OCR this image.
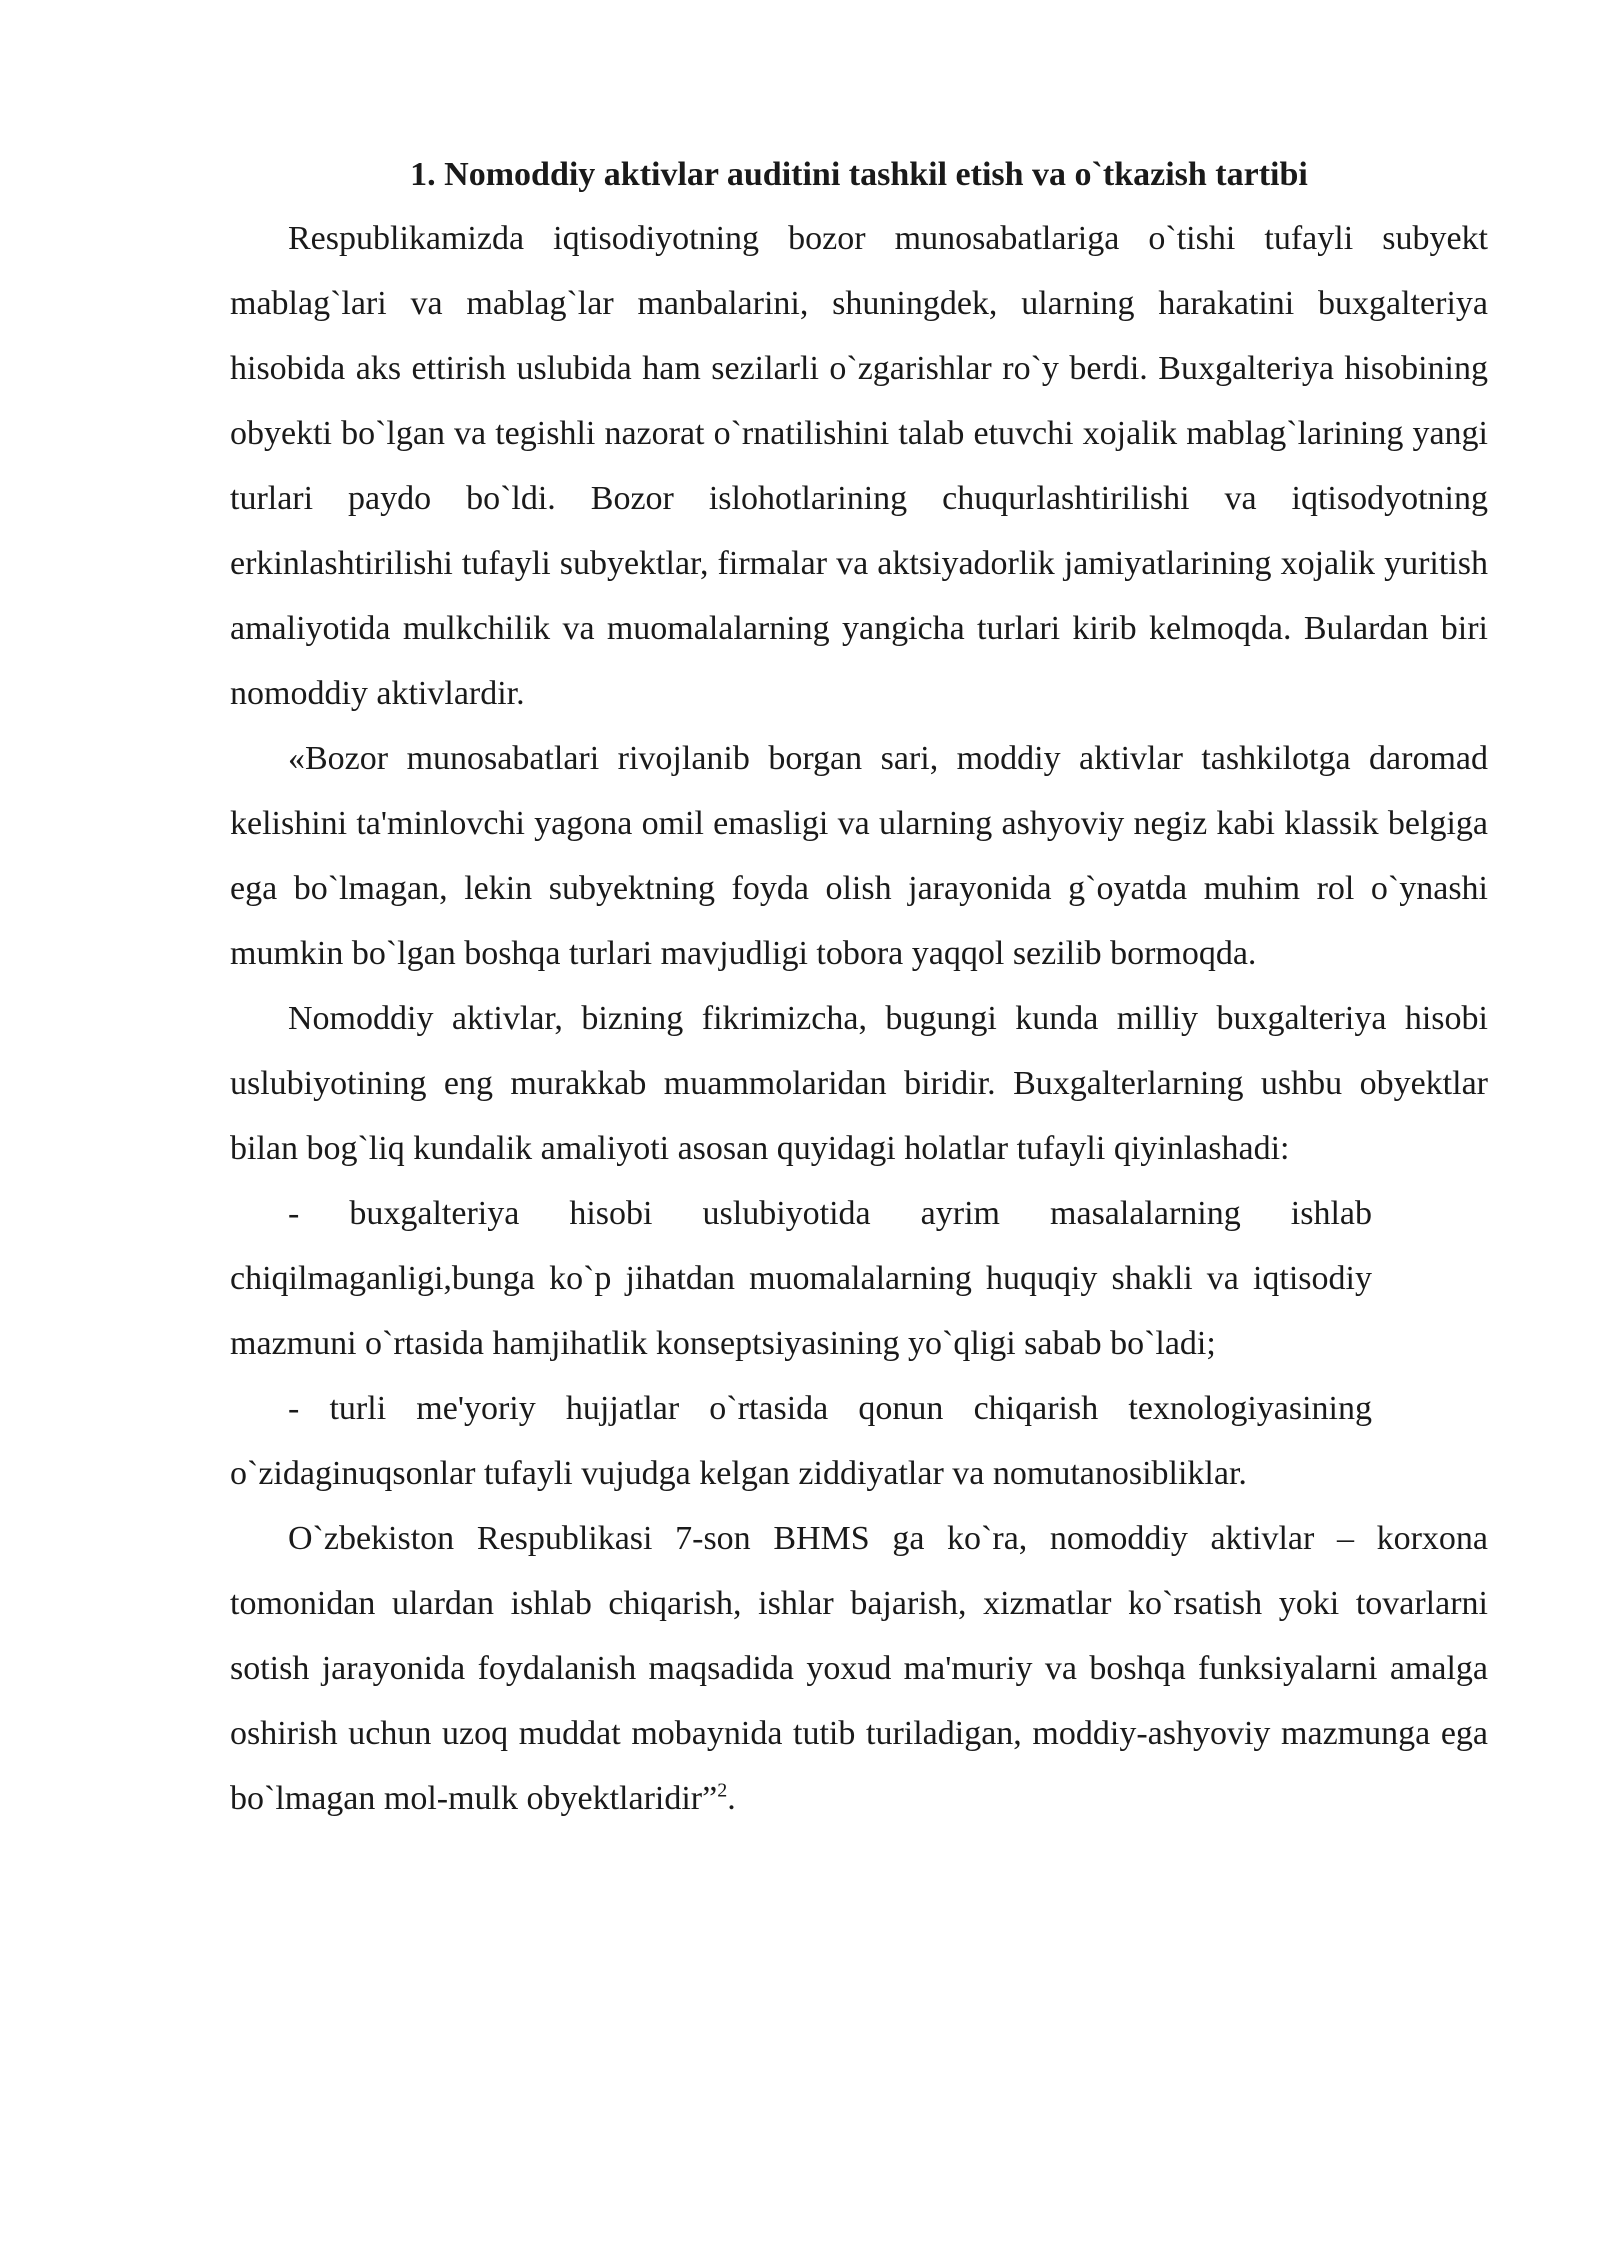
1. Nomoddiy aktivlar auditini tashkil etish va o`tkazish tartibi

Respublikamizda iqtisodiyotning bozor munosabatlariga o`tishi tufayli subyekt mablag`lari va mablag`lar manbalarini, shuningdek, ularning harakatini buxgalteriya hisobida aks ettirish uslubida ham sezilarli o`zgarishlar ro`y berdi. Buxgalteriya hisobining obyekti bo`lgan va tegishli nazorat o`rnatilishini talab etuvchi xojalik mablag`larining yangi turlari paydo bo`ldi. Bozor islohotlarining chuqurlashtirilishi va iqtisodyotning erkinlashtirilishi tufayli subyektlar, firmalar va aktsiyadorlik jamiyatlarining xojalik yuritish amaliyotida mulkchilik va muomalalarning yangicha turlari kirib kelmoqda. Bulardan biri nomoddiy aktivlardir.

«Bozor munosabatlari rivojlanib borgan sari, moddiy aktivlar tashkilotga daromad kelishini ta'minlovchi yagona omil emasligi va ularning ashyoviy negiz kabi klassik belgiga ega bo`lmagan, lekin subyektning foyda olish jarayonida g`oyatda muhim rol o`ynashi mumkin bo`lgan boshqa turlari mavjudligi tobora yaqqol sezilib bormoqda.

Nomoddiy aktivlar, bizning fikrimizcha, bugungi kunda milliy buxgalteriya hisobi uslubiyotining eng murakkab muammolaridan biridir. Buxgalterlarning ushbu obyektlar bilan bog`liq kundalik amaliyoti asosan quyidagi holatlar tufayli qiyinlashadi:

- buxgalteriya hisobi uslubiyotida ayrim masalalarning ishlab chiqilmaganligi,bunga ko`p jihatdan muomalalarning huquqiy shakli va iqtisodiy mazmuni o`rtasida hamjihatlik konseptsiyasining yo`qligi sabab bo`ladi;

- turli me'yoriy hujjatlar o`rtasida qonun chiqarish texnologiyasining o`zidaginuqsonlar tufayli vujudga kelgan ziddiyatlar va nomutanosibliklar.

O`zbekiston Respublikasi 7-son BHMS ga ko`ra, nomoddiy aktivlar – korxona tomonidan ulardan ishlab chiqarish, ishlar bajarish, xizmatlar ko`rsatish yoki tovarlarni sotish jarayonida foydalanish maqsadida yoxud ma'muriy va boshqa funksiyalarni amalga oshirish uchun uzoq muddat mobaynida tutib turiladigan, moddiy-ashyoviy mazmunga ega bo`lmagan mol-mulk obyektlaridir”$^2$.
